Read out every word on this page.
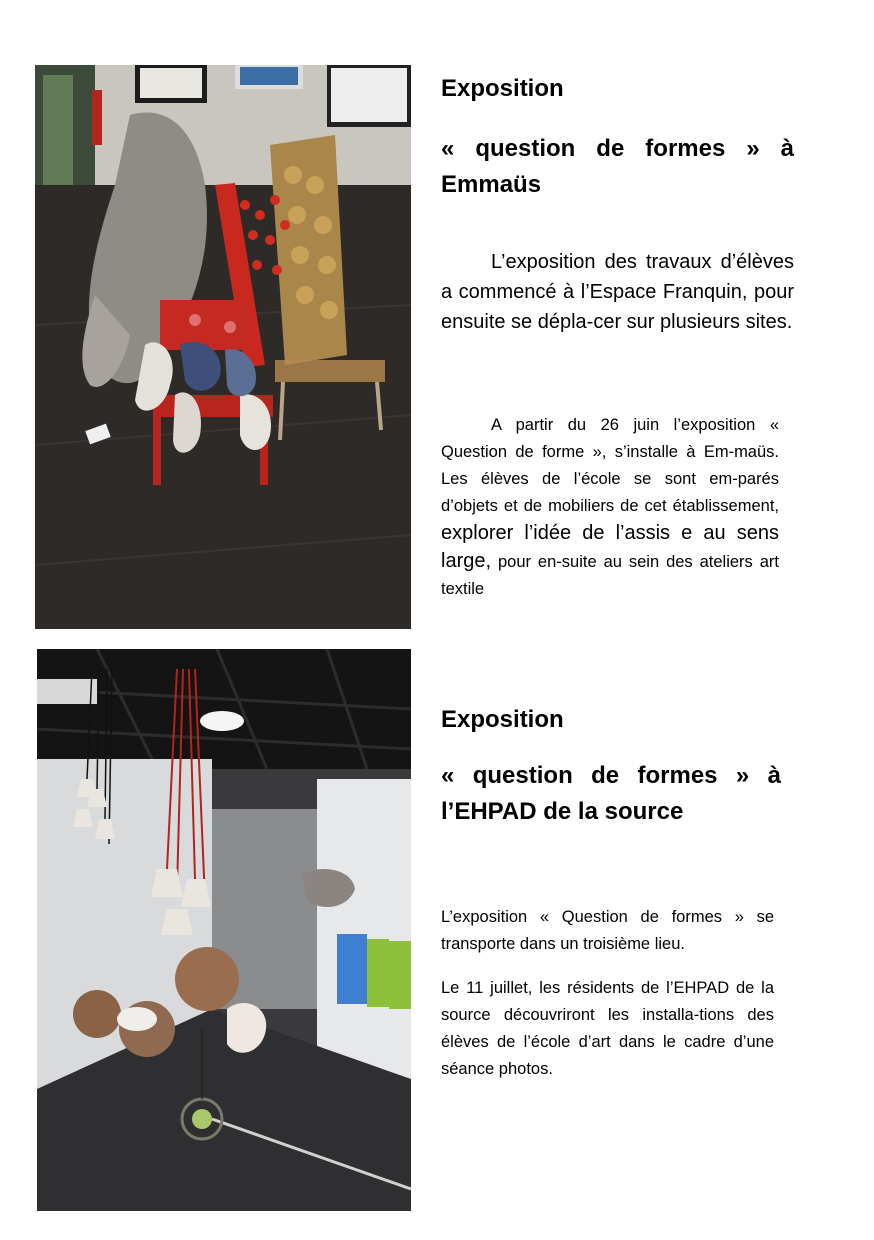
Exposition

« question de formes » à Emmaüs

L’exposition des travaux d’élèves a commencé à l’Espace Franquin, pour ensuite se dépla-cer sur plusieurs sites.

A partir du 26 juin l’exposition « Question de forme », s’installe à Em-maüs. Les élèves de l’école se sont em-parés d’objets et de mobiliers de cet établissement, explorer l’idée de l’assis e au sens large, pour en-suite au sein des ateliers art textile

Exposition

« question de formes » à l’EHPAD de la source

L’exposition « Question de formes » se transporte dans un troisième lieu.

Le 11 juillet, les résidents de l’EHPAD de la source découvriront les installa-tions des élèves de l’école d’art dans le cadre d’une séance photos.
